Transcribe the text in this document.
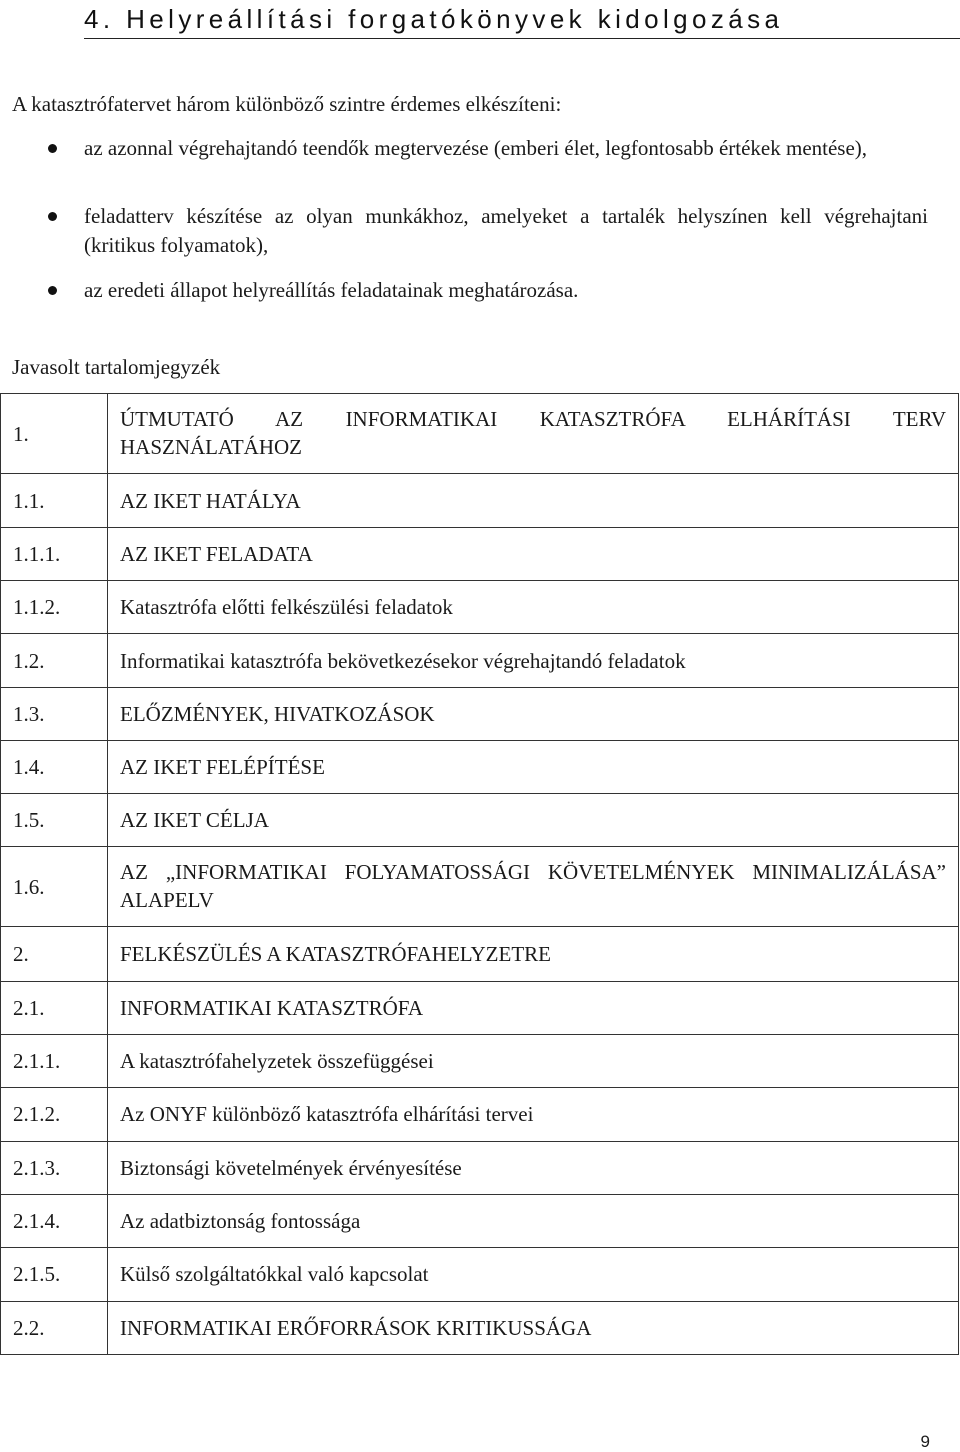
4. Helyreállítási forgatókönyvek kidolgozása
A katasztrófatervet három különböző szintre érdemes elkészíteni:
az azonnal végrehajtandó teendők megtervezése (emberi élet, legfontosabb értékek mentése),
feladatterv készítése az olyan munkákhoz, amelyeket a tartalék helyszínen kell végrehajtani (kritikus folyamatok),
az eredeti állapot helyreállítás feladatainak meghatározása.
Javasolt tartalomjegyzék
1.	ÚTMUTATÓ AZ INFORMATIKAI KATASZTRÓFA ELHÁRÍTÁSI TERV HASZNÁLATÁHOZ
1.1.	AZ IKET HATÁLYA
1.1.1.	AZ IKET FELADATA
1.1.2.	Katasztrófa előtti felkészülési feladatok
1.2.	Informatikai katasztrófa bekövetkezésekor végrehajtandó feladatok
1.3.	ELŐZMÉNYEK, HIVATKOZÁSOK
1.4.	AZ IKET FELÉPÍTÉSE
1.5.	AZ IKET CÉLJA
1.6.	AZ „INFORMATIKAI FOLYAMATOSSÁGI KÖVETELMÉNYEK MINIMALIZÁLÁSA” ALAPELV
2.	FELKÉSZÜLÉS A KATASZTRÓFAHELYZETRE
2.1.	INFORMATIKAI KATASZTRÓFA
2.1.1.	A katasztrófahelyzetek összefüggései
2.1.2.	Az ONYF különböző katasztrófa elhárítási tervei
2.1.3.	Biztonsági követelmények érvényesítése
2.1.4.	Az adatbiztonság fontossága
2.1.5.	Külső szolgáltatókkal való kapcsolat
2.2.	INFORMATIKAI ERŐFORRÁSOK KRITIKUSSÁGA
9
